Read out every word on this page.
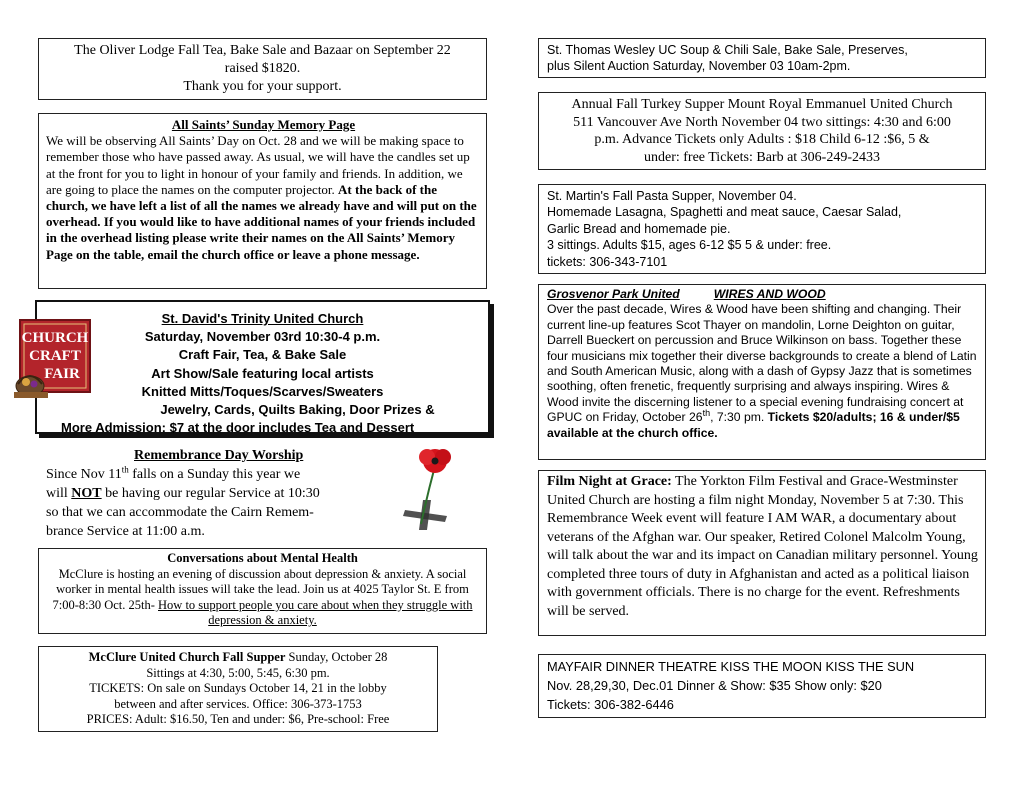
The Oliver Lodge Fall Tea, Bake Sale and Bazaar on September 22

raised $1820.

Thank you for your support.

All Saints’ Sunday Memory Page

We will be observing All Saints’ Day on Oct. 28 and we will be making space to remember those who have passed away. As usual, we will have the candles set up at the front for you to light in honour of your family and friends. In addition, we are going to place the names on the computer projector. At the back of the church, we have left a list of all the names we already have and will put on the overhead. If you would like to have additional names of your friends included in the overhead listing please write their names on the All Saints’ Memory Page on the table, email the church office or leave a phone message.

St. David's Trinity United Church

Saturday, November 03rd 10:30-4 p.m.

Craft Fair, Tea, & Bake Sale

Art Show/Sale featuring local artists

Knitted Mitts/Toques/Scarves/Sweaters

Jewelry, Cards, Quilts Baking, Door Prizes &

More Admission: $7 at the door includes Tea and Dessert

CHURCH
CRAFT
FAIR

Remembrance Day Worship

Since Nov 11th falls on a Sunday this year we

will NOT be having our regular Service at 10:30

so that we can accommodate the Cairn Remem-

brance Service at 11:00 a.m.

Conversations about Mental Health

McClure is hosting an evening of discussion about depression & anxiety. A social worker in mental health issues will take the lead. Join us at 4025 Taylor St. E from 7:00-8:30 Oct. 25th- How to support people you care about when they struggle with depression & anxiety.

McClure United Church Fall Supper Sunday, October 28

Sittings at 4:30, 5:00, 5:45, 6:30 pm.

TICKETS: On sale on Sundays October 14, 21 in the lobby

between and after services. Office: 306-373-1753

PRICES: Adult: $16.50, Ten and under: $6, Pre-school: Free

St. Thomas Wesley UC Soup & Chili Sale, Bake Sale, Preserves,

plus Silent Auction Saturday, November 03 10am-2pm.

Annual Fall Turkey Supper Mount Royal Emmanuel United Church

511 Vancouver Ave North November 04 two sittings: 4:30 and 6:00

p.m. Advance Tickets only Adults : $18 Child 6-12 :$6, 5 &

under: free Tickets: Barb at 306-249-2433

St. Martin's Fall Pasta Supper, November 04.

Homemade Lasagna, Spaghetti and meat sauce, Caesar Salad,

Garlic Bread and homemade pie.

3 sittings. Adults $15, ages 6-12 $5 5 & under: free.

tickets: 306-343-7101

Grosvenor Park United	WIRES AND WOOD

Over the past decade, Wires & Wood have been shifting and changing. Their current line-up features Scot Thayer on mandolin, Lorne Deighton on guitar, Darrell Bueckert on percussion and Bruce Wilkinson on bass. Together these four musicians mix together their diverse backgrounds to create a blend of Latin and South American Music, along with a dash of Gypsy Jazz that is sometimes soothing, often frenetic, frequently surprising and always inspiring. Wires & Wood invite the discerning listener to a special evening fundraising concert at GPUC on Friday, October 26th, 7:30 pm. Tickets $20/adults; 16 & under/$5 available at the church office.

Film Night at Grace: The Yorkton Film Festival and Grace-Westminster United Church are hosting a film night Monday, November 5 at 7:30. This Remembrance Week event will feature I AM WAR, a documentary about veterans of the Afghan war. Our speaker, Retired Colonel Malcolm Young, will talk about the war and its impact on Canadian military personnel. Young completed three tours of duty in Afghanistan and acted as a political liaison with government officials. There is no charge for the event. Refreshments will be served.

MAYFAIR DINNER THEATRE KISS THE MOON KISS THE SUN

Nov. 28,29,30, Dec.01 Dinner & Show: $35 Show only: $20

Tickets: 306-382-6446
